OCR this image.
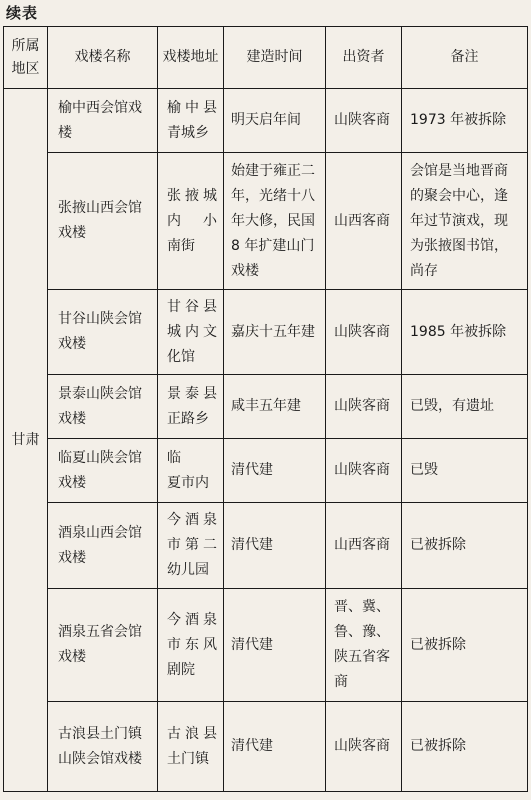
续表
所属地区	戏楼名称	戏楼地址	建造时间	出资者	备注
甘肃	榆中西会馆戏楼	榆中县青城乡	明天启年间	山陕客商	1973 年被拆除
	张掖山西会馆戏楼	张掖城内　小南街	始建于雍正二年，光绪十八年大修，民国 8 年扩建山门戏楼	山西客商	会馆是当地晋商的聚会中心，逢年过节演戏，现为张掖图书馆，尚存
	甘谷山陕会馆戏楼	甘谷县城内文化馆	嘉庆十五年建	山陕客商	1985 年被拆除
	景泰山陕会馆戏楼	景泰县正路乡	咸丰五年建	山陕客商	已毁，有遗址
	临夏山陕会馆戏楼	临　　夏市内	清代建	山陕客商	已毁
	酒泉山西会馆戏楼	今酒泉市第二幼儿园	清代建	山西客商	已被拆除
	酒泉五省会馆戏楼	今酒泉市东风剧院	清代建	晋、冀、鲁、豫、陕五省客商	已被拆除
	古浪县土门镇山陕会馆戏楼	古浪县土门镇	清代建	山陕客商	已被拆除
